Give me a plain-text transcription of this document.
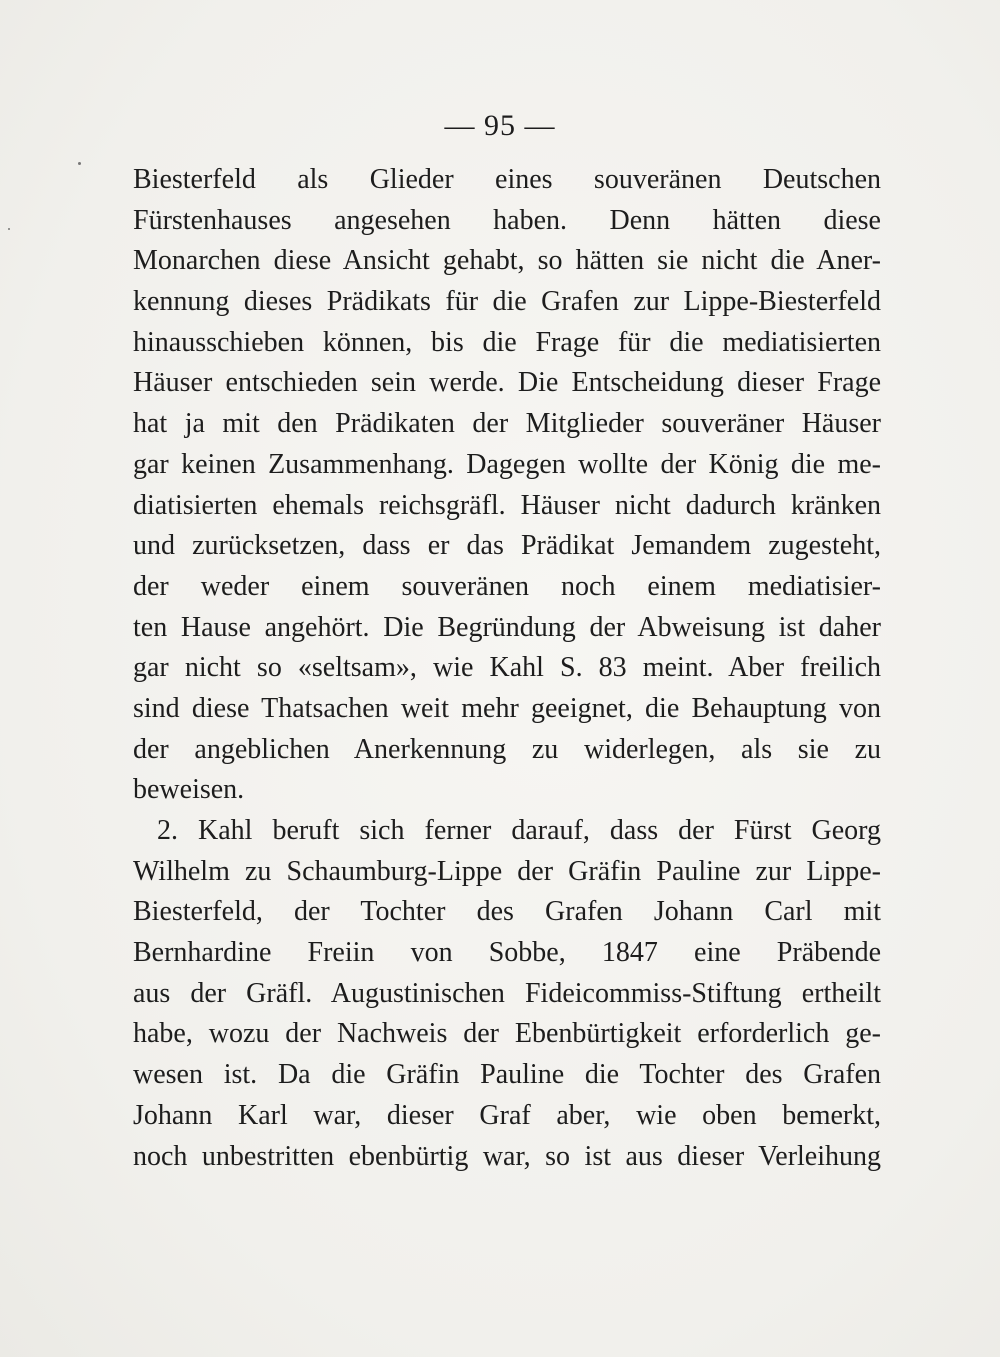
— 95 —
Biesterfeld als Glieder eines souveränen Deutschen
Fürstenhauses angesehen haben. Denn hätten diese
Monarchen diese Ansicht gehabt, so hätten sie nicht die Aner-
kennung dieses Prädikats für die Grafen zur Lippe-Biesterfeld
hinausschieben können, bis die Frage für die mediatisierten
Häuser entschieden sein werde. Die Entscheidung dieser Frage
hat ja mit den Prädikaten der Mitglieder souveräner Häuser
gar keinen Zusammenhang. Dagegen wollte der König die me-
diatisierten ehemals reichsgräfl. Häuser nicht dadurch kränken
und zurücksetzen, dass er das Prädikat Jemandem zugesteht,
der weder einem souveränen noch einem mediatisier-
ten Hause angehört. Die Begründung der Abweisung ist daher
gar nicht so «seltsam», wie Kahl S. 83 meint. Aber freilich
sind diese Thatsachen weit mehr geeignet, die Behauptung von
der angeblichen Anerkennung zu widerlegen, als sie zu
beweisen.
2. Kahl beruft sich ferner darauf, dass der Fürst Georg
Wilhelm zu Schaumburg-Lippe der Gräfin Pauline zur Lippe-
Biesterfeld, der Tochter des Grafen Johann Carl mit
Bernhardine Freiin von Sobbe, 1847 eine Präbende
aus der Gräfl. Augustinischen Fideicommiss-Stiftung ertheilt
habe, wozu der Nachweis der Ebenbürtigkeit erforderlich ge-
wesen ist. Da die Gräfin Pauline die Tochter des Grafen
Johann Karl war, dieser Graf aber, wie oben bemerkt,
noch unbestritten ebenbürtig war, so ist aus dieser Verleihung
